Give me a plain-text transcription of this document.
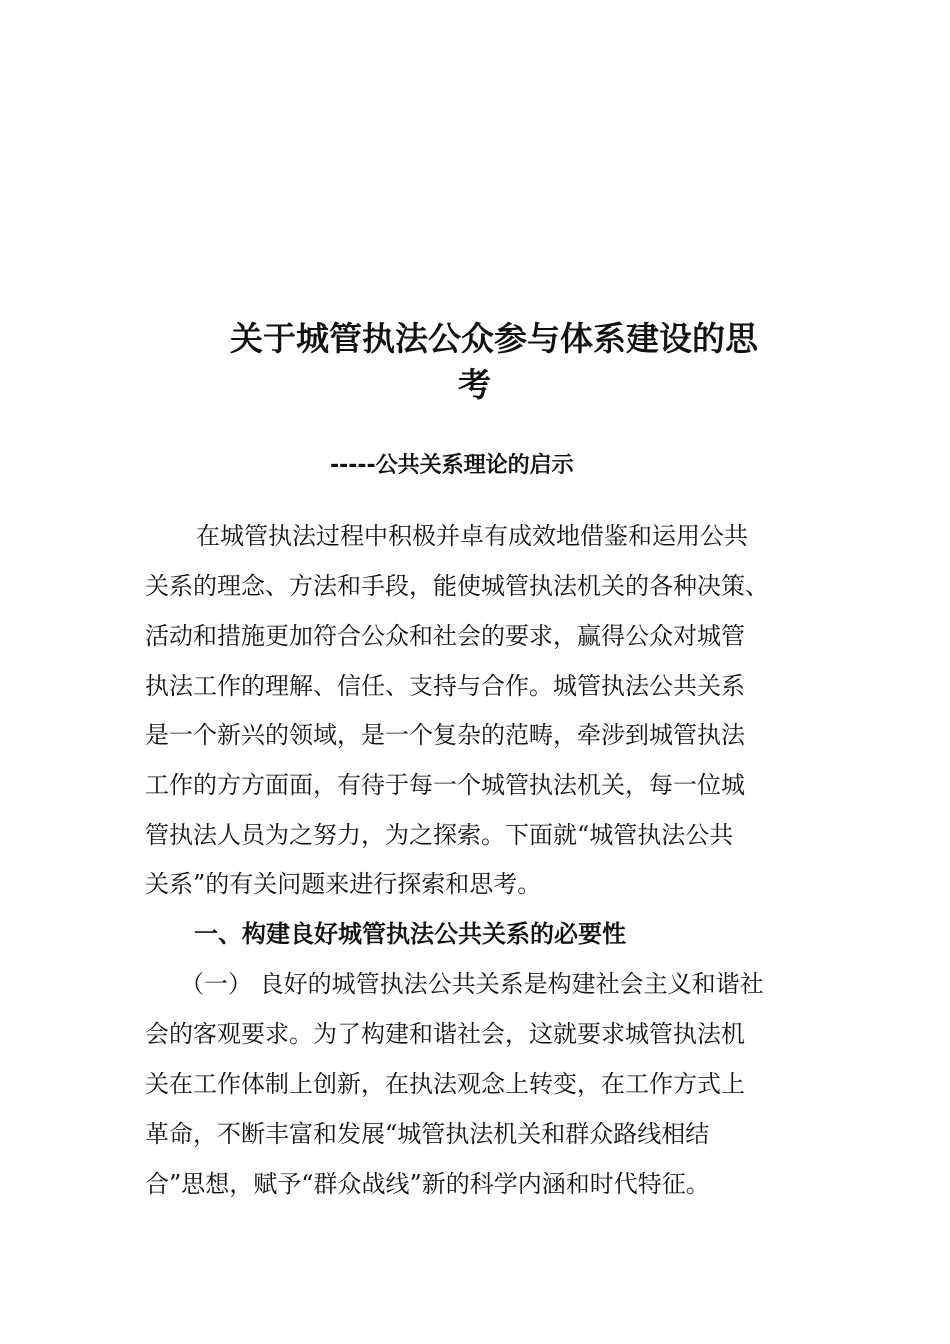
关于城管执法公众参与体系建设的思
考
-----公共关系理论的启示

在城管执法过程中积极并卓有成效地借鉴和运用公共

关系的理念、方法和手段，能使城管执法机关的各种决策、

活动和措施更加符合公众和社会的要求，赢得公众对城管

执法工作的理解、信任、支持与合作。城管执法公共关系

是一个新兴的领域，是一个复杂的范畴，牵涉到城管执法

工作的方方面面，有待于每一个城管执法机关，每一位城

管执法人员为之努力，为之探索。下面就“城管执法公共

关系”的有关问题来进行探索和思考。

一、构建良好城管执法公共关系的必要性

（一） 良好的城管执法公共关系是构建社会主义和谐社

会的客观要求。为了构建和谐社会，这就要求城管执法机

关在工作体制上创新，在执法观念上转变，在工作方式上

革命，不断丰富和发展“城管执法机关和群众路线相结

合”思想，赋予“群众战线”新的科学内涵和时代特征。
